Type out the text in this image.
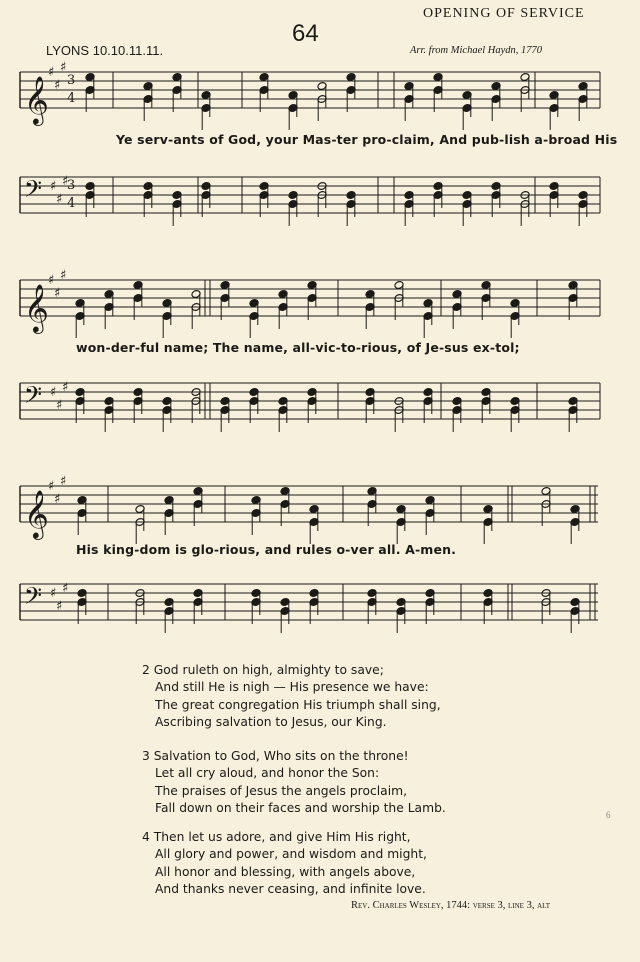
OPENING OF SERVICE
64
LYONS 10.10.11.11.	Arr. from Michael Haydn, 1770
𝄞
♯
♯
♯
3
4
𝄢 ♯
♯
♯
3
4
𝄞
♯
♯
♯
𝄢 ♯
♯
♯
𝄞
♯
♯
♯
𝄢 ♯
♯
♯
Ye serv-ants of God, your Mas-ter pro-claim, And pub-lish a-broad His
won-der-ful name; The name, all-vic-to-rious, of Je-sus ex-tol;
His king-dom is glo-rious, and rules o-ver all. A-men.
2 God ruleth on high, almighty to save;
And still He is nigh — His presence we have:
The great congregation His triumph shall sing,
Ascribing salvation to Jesus, our King.
3 Salvation to God, Who sits on the throne!
Let all cry aloud, and honor the Son:
The praises of Jesus the angels proclaim,
Fall down on their faces and worship the Lamb.
4 Then let us adore, and give Him His right,
All glory and power, and wisdom and might,
All honor and blessing, with angels above,
And thanks never ceasing, and infinite love.
Rev. Charles Wesley, 1744: verse 3, line 3, alt
6
